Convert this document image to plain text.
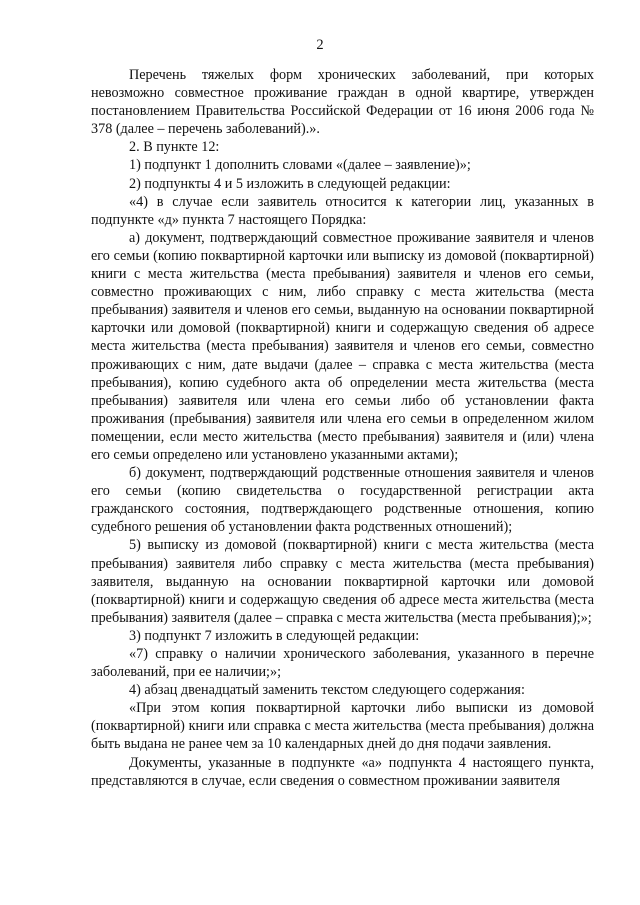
2

Перечень тяжелых форм хронических заболеваний, при которых невозможно совместное проживание граждан в одной квартире, утвержден постановлением Правительства Российской Федерации от 16 июня 2006 года № 378 (далее – перечень заболеваний).».

2. В пункте 12:

1) подпункт 1 дополнить словами «(далее – заявление)»;

2) подпункты 4 и 5 изложить в следующей редакции:

«4) в случае если заявитель относится к категории лиц, указанных в подпункте «д» пункта 7 настоящего Порядка:

а) документ, подтверждающий совместное проживание заявителя и членов его семьи (копию поквартирной карточки или выписку из домовой (поквартирной) книги с места жительства (места пребывания) заявителя и членов его семьи, совместно проживающих с ним, либо справку с места жительства (места пребывания) заявителя и членов его семьи, выданную на основании поквартирной карточки или домовой (поквартирной) книги и содержащую сведения об адресе места жительства (места пребывания) заявителя и членов его семьи, совместно проживающих с ним, дате выдачи (далее – справка с места жительства (места пребывания), копию судебного акта об определении места жительства (места пребывания) заявителя или члена его семьи либо об установлении факта проживания (пребывания) заявителя или члена его семьи в определенном жилом помещении, если место жительства (место пребывания) заявителя и (или) члена его семьи определено или установлено указанными актами);

б) документ, подтверждающий родственные отношения заявителя и членов его семьи (копию свидетельства о государственной регистрации акта гражданского состояния, подтверждающего родственные отношения, копию судебного решения об установлении факта родственных отношений);

5) выписку из домовой (поквартирной) книги с места жительства (места пребывания) заявителя либо справку с места жительства (места пребывания) заявителя, выданную на основании поквартирной карточки или домовой (поквартирной) книги и содержащую сведения об адресе места жительства (места пребывания) заявителя (далее – справка с места жительства (места пребывания);»;

3) подпункт 7 изложить в следующей редакции:

«7) справку о наличии хронического заболевания, указанного в перечне заболеваний, при ее наличии;»;

4) абзац двенадцатый заменить текстом следующего содержания:

«При этом копия поквартирной карточки либо выписки из домовой (поквартирной) книги или справка с места жительства (места пребывания) должна быть выдана не ранее чем за 10 календарных дней до дня подачи заявления.

Документы, указанные в подпункте «а» подпункта 4 настоящего пункта, представляются в случае, если сведения о совместном проживании заявителя
